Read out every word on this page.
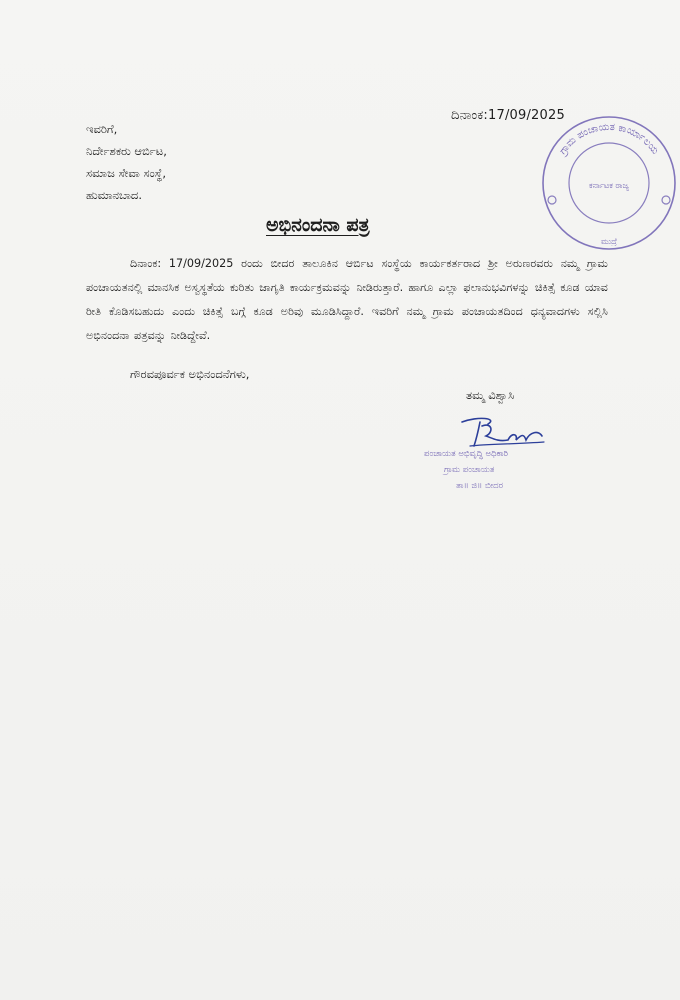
ದಿನಾಂಕ:17/09/2025
ಇವರಿಗೆ,
ನಿರ್ದೇಶಕರು ಆರ್ಬಿಟ,
ಸಮಾಜ ಸೇವಾ ಸಂಸ್ಥೆ,
ಹುಮಾನಬಾದ.
ಅಭಿನಂದನಾ ಪತ್ರ
ದಿನಾಂಕ: 17/09/2025 ರಂದು ಬೀದರ ತಾಲೂಕಿನ ಆರ್ಬಿಟ ಸಂಸ್ಥೆಯ ಕಾರ್ಯಕರ್ತರಾದ ಶ್ರೀ ಅರುಣರವರು ನಮ್ಮ ಗ್ರಾಮ ಪಂಚಾಯತನಲ್ಲಿ ಮಾನಸಿಕ ಅಸ್ವಸ್ಥತೆಯ ಕುರಿತು ಜಾಗೃತಿ ಕಾರ್ಯಕ್ರಮವನ್ನು ನೀಡಿರುತ್ತಾರೆ. ಹಾಗೂ ಎಲ್ಲಾ ಫಲಾನುಭವಿಗಳನ್ನು ಚಿಕಿತ್ಸೆ ಕೂಡ ಯಾವ ರೀತಿ ಕೊಡಿಸಬಹುದು ಎಂದು ಚಿಕಿತ್ಸೆ ಬಗ್ಗೆ ಕೂಡ ಅರಿವು ಮೂಡಿಸಿದ್ದಾರೆ. ಇವರಿಗೆ ನಮ್ಮ ಗ್ರಾಮ ಪಂಚಾಯತದಿಂದ ಧನ್ಯವಾದಗಳು ಸಲ್ಲಿಸಿ ಅಭಿನಂದನಾ ಪತ್ರವನ್ನು ನೀಡಿದ್ದೇವೆ.
ಗೌರವಪೂರ್ವಕ ಅಭಿನಂದನೆಗಳು,
ತಮ್ಮ ವಿಶ್ವಾಸಿ
ಗ್ರಾಮ ಪಂಚಾಯತ ಕಾರ್ಯಾಲಯ
ಕರ್ನಾಟಕ ರಾಜ್ಯ
ಮುದ್ರೆ
ಪಂಚಾಯತ ಅಭಿವೃದ್ಧಿ ಅಧಿಕಾರಿ
ಗ್ರಾಮ ಪಂಚಾಯತ
ತಾ॥ ಜಿ॥ ಬೀದರ
